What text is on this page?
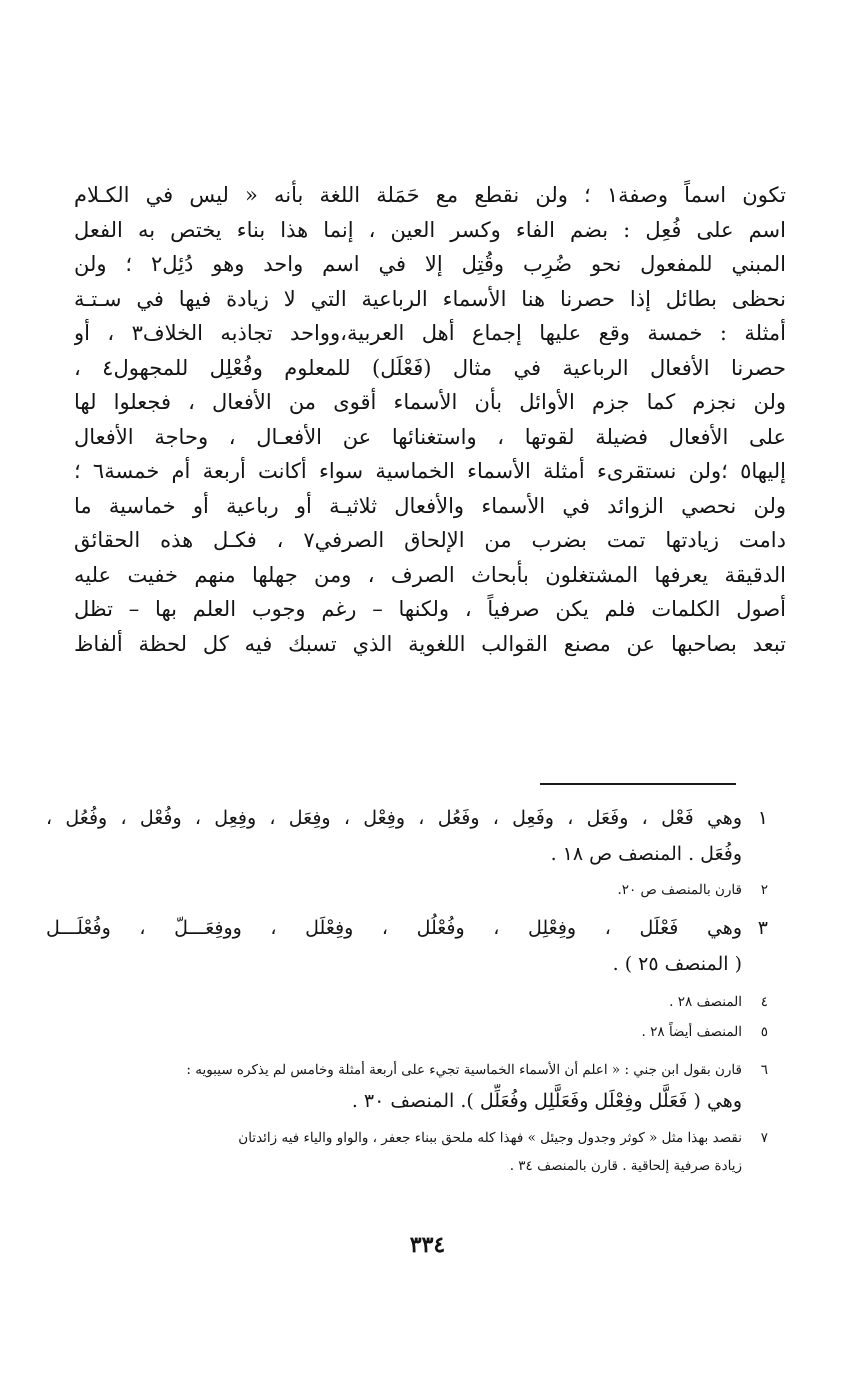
تكون اسماً وصفة١ ؛ ولن نقطع مع حَمَلة اللغة بأنه « ليس في الكـلام
اسم على فُعِل : بضم الفاء وكسر العين ، إنما هذا بناء يختص به الفعل
المبني للمفعول نحو ضُرِب وقُتِل إلا في اسم واحد وهو دُئِل٢ ؛ ولن
نحظى بطائل إذا حصرنا هنا الأسماء الرباعية التي لا زيادة فيها في سـتـة
أمثلة : خمسة وقع عليها إجماع أهل العربية،وواحد تجاذبه الخلاف٣ ، أو
حصرنا الأفعال الرباعية في مثال (فَعْلَل) للمعلوم وفُعْلِل للمجهول٤ ،
ولن نجزم كما جزم الأوائل بأن الأسماء أقوى من الأفعال ، فجعلوا لها
على الأفعال فضيلة لقوتها ، واستغنائها عن الأفعـال ، وحاجة الأفعال
إليها٥ ؛ولن نستقرىء أمثلة الأسماء الخماسية سواء أكانت أربعة أم خمسة٦ ؛
ولن نحصي الزوائد في الأسماء والأفعال ثلاثيـة أو رباعية أو خماسية ما
دامت زيادتها تمت بضرب من الإلحاق الصرفي٧ ، فكـل هذه الحقائق
الدقيقة يعرفها المشتغلون بأبحاث الصرف ، ومن جهلها منهم خفيت عليه
أصول الكلمات فلم يكن صرفياً ، ولكنها – رغم وجوب العلم بها – تظل
تبعد بصاحبها عن مصنع القوالب اللغوية الذي تسبك فيه كل لحظة ألفاظ
١
وهي فَعْل ، وفَعَل ، وفَعِل ، وفَعُل ، وفِعْل ، وفِعَل ، وفِعِل ، وفُعْل ، وفُعُل ،
وفُعَل . المنصف ص ١٨ .
٢
قارن بالمنصف ص ٢٠.
٣
وهي فَعْلَل ، وفِعْلِل ، وفُعْلُل ، وفِعْلَل ، ووفِعَـــلّ ، وفُعْلَـــل
( المنصف ٢٥ ) .
٤
المنصف ٢٨ .
٥
المنصف أيضاً ٢٨ .
٦
قارن بقول ابن جني : « اعلم أن الأسماء الخماسية تجيء على أربعة أمثلة وخامس لم يذكره سيبويه :
وهي ( فَعَلَّل وفِعْلَل وفَعَلَّلِل وفُعَلِّل ). المنصف ٣٠ .
٧
نقصد بهذا مثل « كوثر وجدول وجيئل » فهذا كله ملحق ببناء جعفر ، والواو والياء فيه زائدتان
زيادة صرفية إلحاقية . قارن بالمنصف ٣٤ .
٣٣٤
